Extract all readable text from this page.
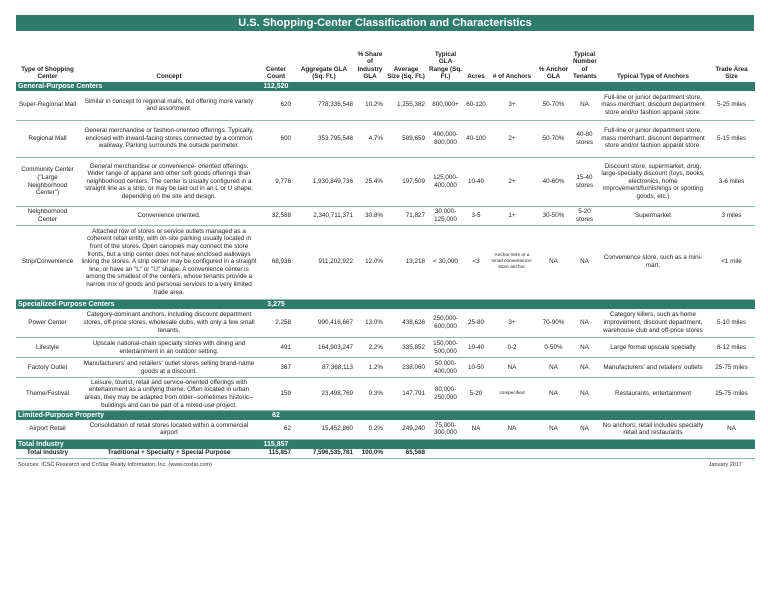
U.S. Shopping-Center Classification and Characteristics
Type of Shopping Center	Concept	Center Count	Aggregate GLA (Sq. Ft.)	% Share of Industry GLA	Average Size (Sq. Ft.)	Typical GLA Range (Sq. Ft.)	Acres	# of Anchors	% Anchor GLA	Typical Number of Tenants	Typical Type of Anchors	Trade Area Size
General-Purpose Centers		112,520										
Super-Regional Mall	Similar in concept to regional malls, but offering more variety and assortment.	620	778,336,548	10.2%	1,255,382	800,000+	60-120	3+	50-70%	NA	Full-line or junior department store, mass merchant, discount department store and/or fashion apparel store.	5-25 miles
Regional Mall	General merchandise or fashion-oriented offerings. Typically, enclosed with inward-facing stores connected by a common walkway. Parking surrounds the outside perimeter.	600	353,795,548	4.7%	589,659	400,000-800,000	40-100	2+	50-70%	40-80 stores	Full-line or junior department store, mass merchant, discount department store and/or fashion apparel store.	5-15 miles
Community Center ("Large Neighborhood Center")	General merchandise or convenience- oriented offerings. Wider range of apparel and other soft goods offerings than neighborhood centers. The center is usually configured in a straight line as a strip, or may be laid out in an L or U shape, depending on the site and design.	9,776	1,930,849,736	25.4%	197,509	125,000-400,000	10-40	2+	40-60%	15-40 stores	Discount store, supermarket, drug, large-specialty discount (toys, books, electronics, home improvement/furnishings or sporting goods, etc.)	3-6 miles
Neighborhood Center	Convenience oriented.	32,588	2,340,711,371	30.8%	71,827	30,000-125,000	3-5	1+	30-50%	5-20 stores	Supermarket	3 miles
Strip/Convenience	Attached row of stores or service outlets managed as a coherent retail entity, with on-site parking usually located in front of the stores. Open canopies may connect the store fronts, but a strip center does not have enclosed walkways linking the stores. A strip center may be configured in a straight line, or have an "L" or "U" shape. A convenience center is among the smallest of the centers, whose tenants provide a narrow mix of goods and personal services to a very limited trade area.	68,936	911,202,922	12.0%	13,218	< 30,000	<3	Anchor-less or a small convenience-store anchor.	NA	NA	Convenience store, such as a mini-mart.	<1 mile
Specialized-Purpose Centers		3,275										
Power Center	Category-dominant anchors, including discount department stores, off-price stores, wholesale clubs, with only a few small tenants.	2,258	990,416,667	13.0%	438,626	250,000-600,000	25-80	3+	70-90%	NA	Category killers, such as home improvement, discount department, warehouse club and off-price stores	5-10 miles
Lifestyle	Upscale national-chain specialty stores with dining and entertainment in an outdoor setting.	491	164,903,247	2.2%	335,852	150,000-500,000	10-40	0-2	0-50%	NA	Large format upscale specialty	8-12 miles
Factory Outlet	Manufacturers' and retailers' outlet stores selling brand-name goods at a discount.	367	87,368,113	1.2%	238,060	50,000-400,000	10-50	NA	NA	NA	Manufacturers' and retailers' outlets	25-75 miles
Theme/Festival	Leisure, tourist, retail and service-oriented offerings with entertainment as a unifying theme. Often located in urban areas, they may be adapted from older--sometimes historic--buildings and can be part of a mixed-use project.	159	23,498,769	0.3%	147,791	80,000-250,000	5-20	Unspecified	NA	NA	Restaurants, entertainment	25-75 miles
Limited-Purpose Property		62										
Airport Retail	Consolidation of retail stores located within a commercial airport	62	15,452,860	0.2%	249,240	75,000-300,000	NA	NA	NA	NA	No anchors; retail includes specialty retail and restaurants	NA
Total Industry		115,857										
Total Industry	Traditional + Specialty + Special Purpose	115,857	7,596,535,781	100.0%	65,568							
Sources: ICSC Research and CoStar Realty Information, Inc. (www.costar.com)	January 2017
